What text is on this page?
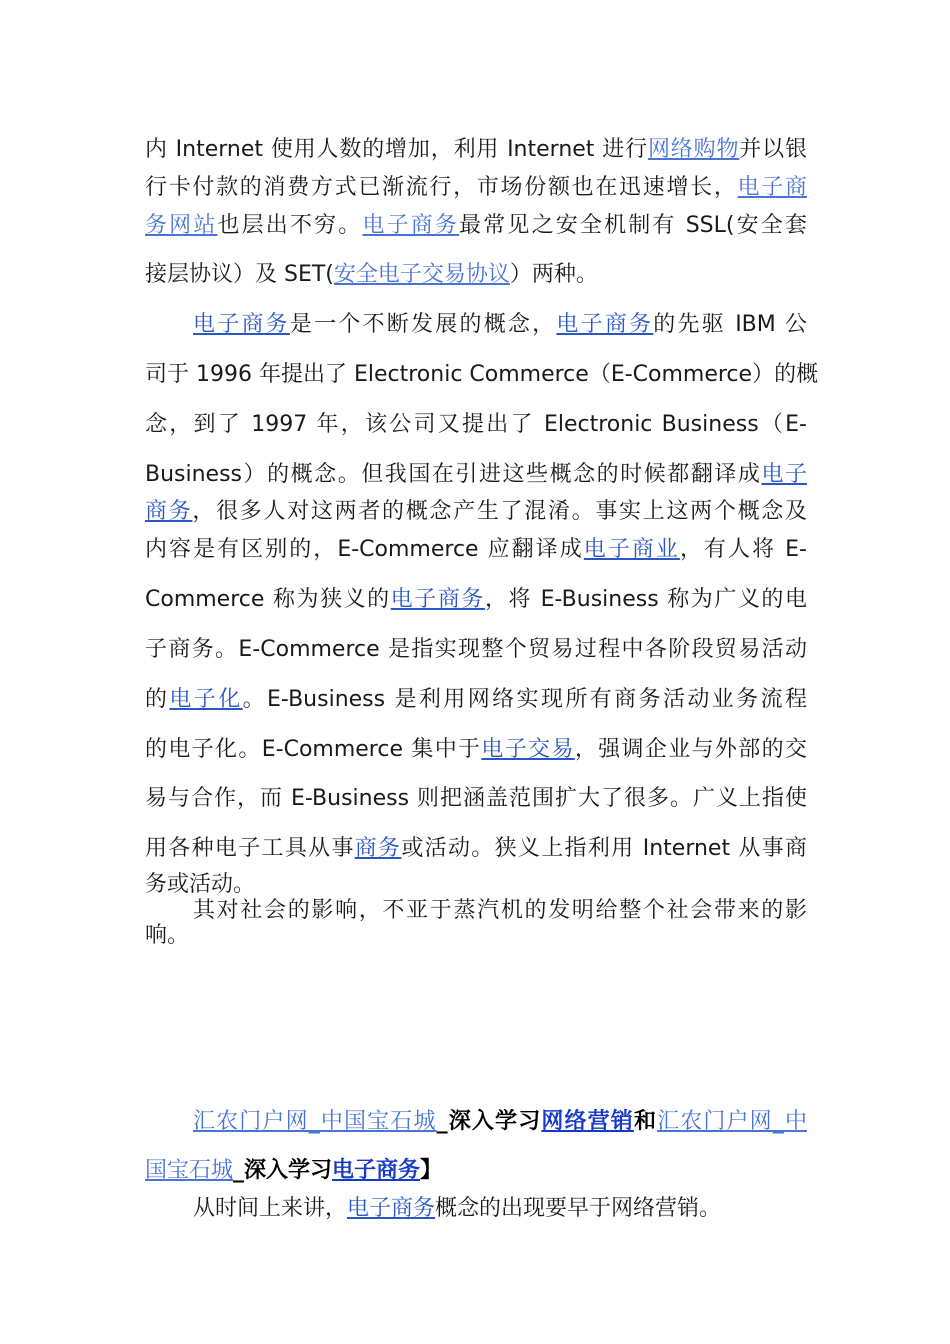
内 Internet 使用人数的增加，利用 Internet 进行网络购物并以银
行卡付款的消费方式已渐流行，市场份额也在迅速增长，电子商
务网站也层出不穷。电子商务最常见之安全机制有 SSL(安全套
接层协议）及 SET(安全电子交易协议）两种。
电子商务是一个不断发展的概念，电子商务的先驱 IBM 公
司于 1996 年提出了 Electronic Commerce（E-Commerce）的概
念，到了 1997 年，该公司又提出了 Electronic Business（E-
Business）的概念。但我国在引进这些概念的时候都翻译成电子
商务，很多人对这两者的概念产生了混淆。事实上这两个概念及
内容是有区别的，E-Commerce 应翻译成电子商业，有人将 E-
Commerce 称为狭义的电子商务，将 E-Business 称为广义的电
子商务。E-Commerce 是指实现整个贸易过程中各阶段贸易活动
的电子化。E-Business 是利用网络实现所有商务活动业务流程
的电子化。E-Commerce 集中于电子交易，强调企业与外部的交
易与合作，而 E-Business 则把涵盖范围扩大了很多。广义上指使
用各种电子工具从事商务或活动。狭义上指利用 Internet 从事商
务或活动。
其对社会的影响，不亚于蒸汽机的发明给整个社会带来的影
响。
汇农门户网_中国宝石城_深入学习网络营销和汇农门户网_中
国宝石城_深入学习电子商务】
从时间上来讲，电子商务概念的出现要早于网络营销。
